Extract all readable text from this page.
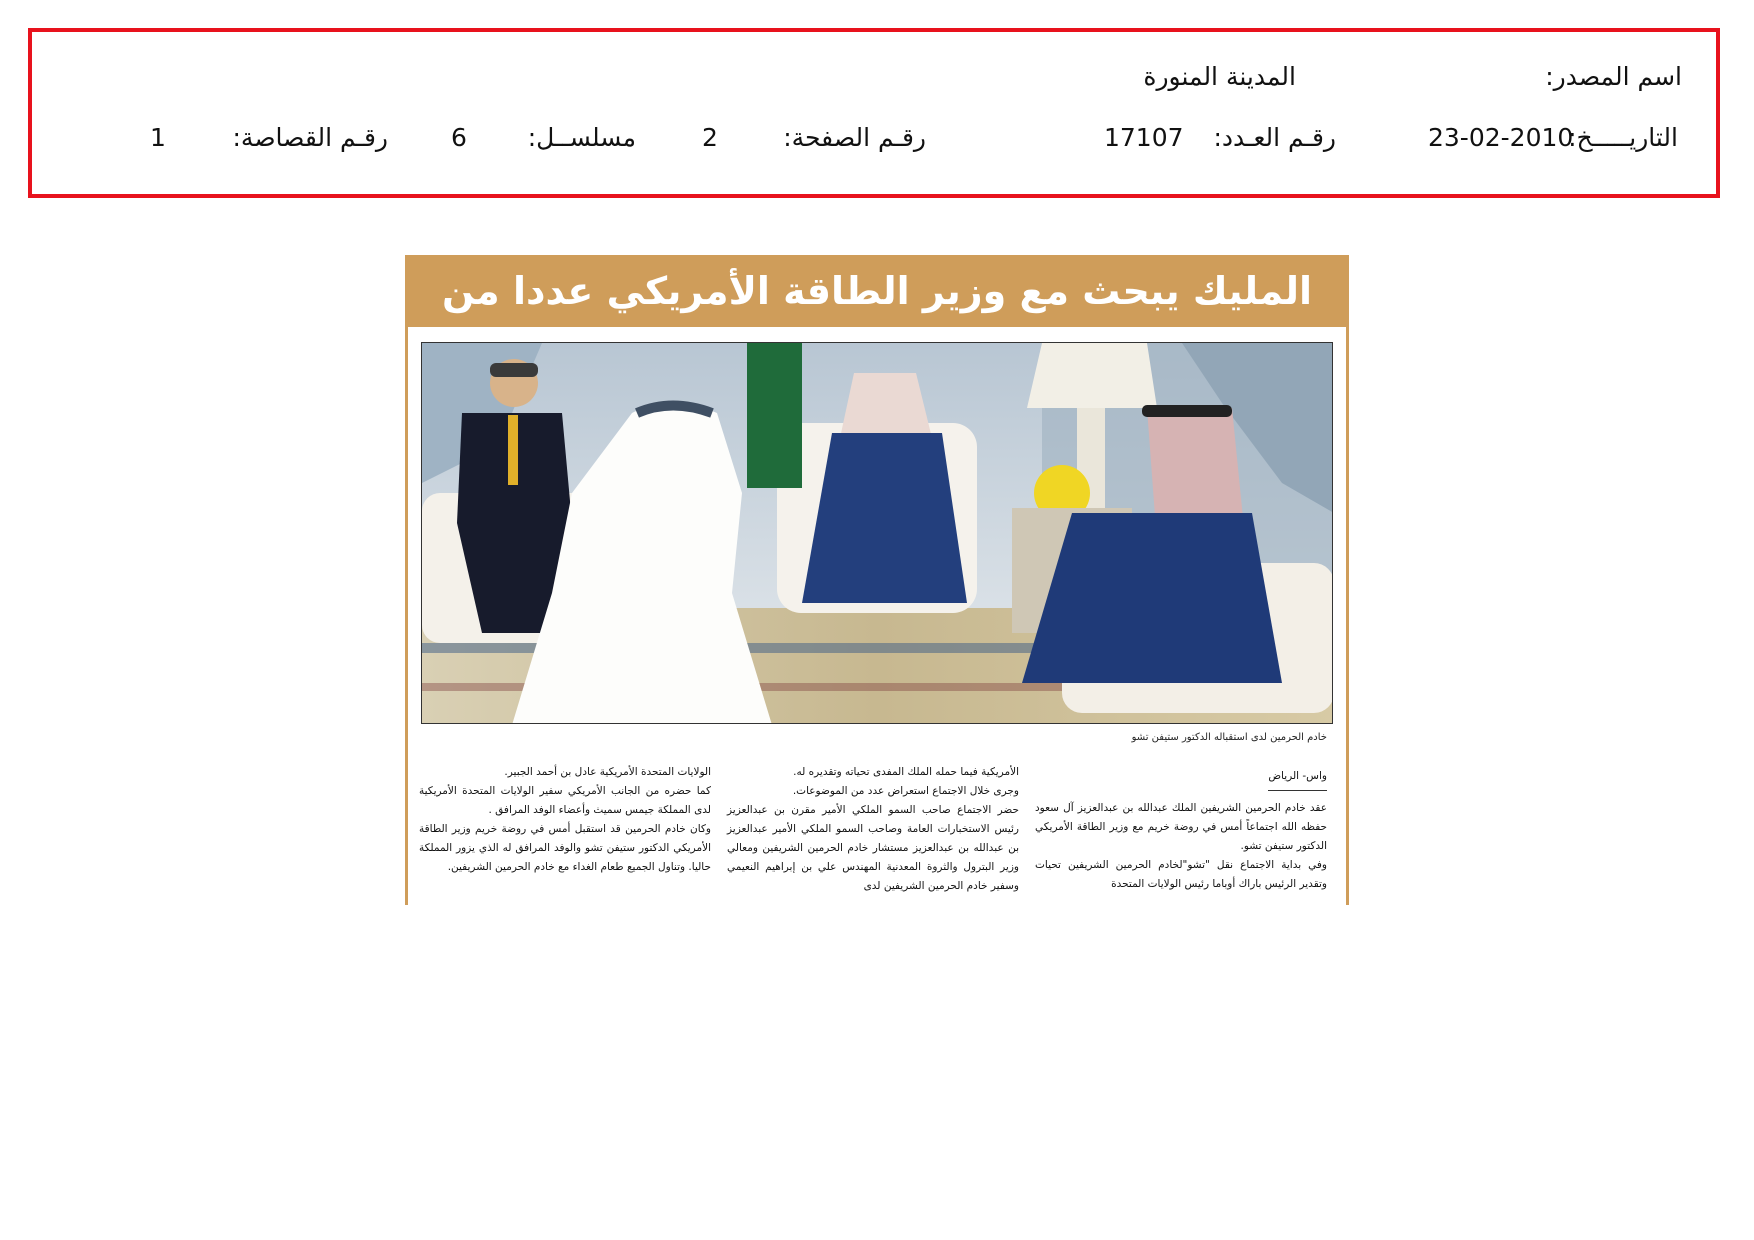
اسم المصدر:
المدينة المنورة
التاريـــــخ:
23-02-2010
رقـم العـدد:
17107
رقـم الصفحة:
2
مسلســل:
6
رقـم القصاصة:
1
المليك يبحث مع وزير الطاقة الأمريكي عددا من
خادم الحرمين لدى استقباله الدكتور ستيفن تشو
واس- الرياض

عقد خادم الحرمين الشريفين الملك عبدالله بن عبدالعزيز آل سعود حفظه الله اجتماعاً أمس في روضة خريم مع وزير الطاقة الأمريكي الدكتور ستيفن تشو.

وفي بداية الاجتماع نقل "تشو"لخادم الحرمين الشريفين تحيات وتقدير الرئيس باراك أوباما رئيس الولايات المتحدة

الأمريكية فيما حمله الملك المفدى تحياته وتقديره له.

وجرى خلال الاجتماع استعراض عدد من الموضوعات.

حضر الاجتماع صاحب السمو الملكي الأمير مقرن بن عبدالعزيز رئيس الاستخبارات العامة وصاحب السمو الملكي الأمير عبدالعزيز بن عبدالله بن عبدالعزيز مستشار خادم الحرمين الشريفين ومعالي وزير البترول والثروة المعدنية المهندس علي بن إبراهيم النعيمي وسفير خادم الحرمين الشريفين لدى

الولايات المتحدة الأمريكية عادل بن أحمد الجبير.

كما حضره من الجانب الأمريكي سفير الولايات المتحدة الأمريكية لدى المملكة جيمس سميث وأعضاء الوفد المرافق .

وكان خادم الحرمين قد استقبل أمس في روضة خريم وزير الطاقة الأمريكي الدكتور ستيفن تشو والوفد المرافق له الذي يزور المملكة حاليا. وتناول الجميع طعام الغداء مع خادم الحرمين الشريفين.
